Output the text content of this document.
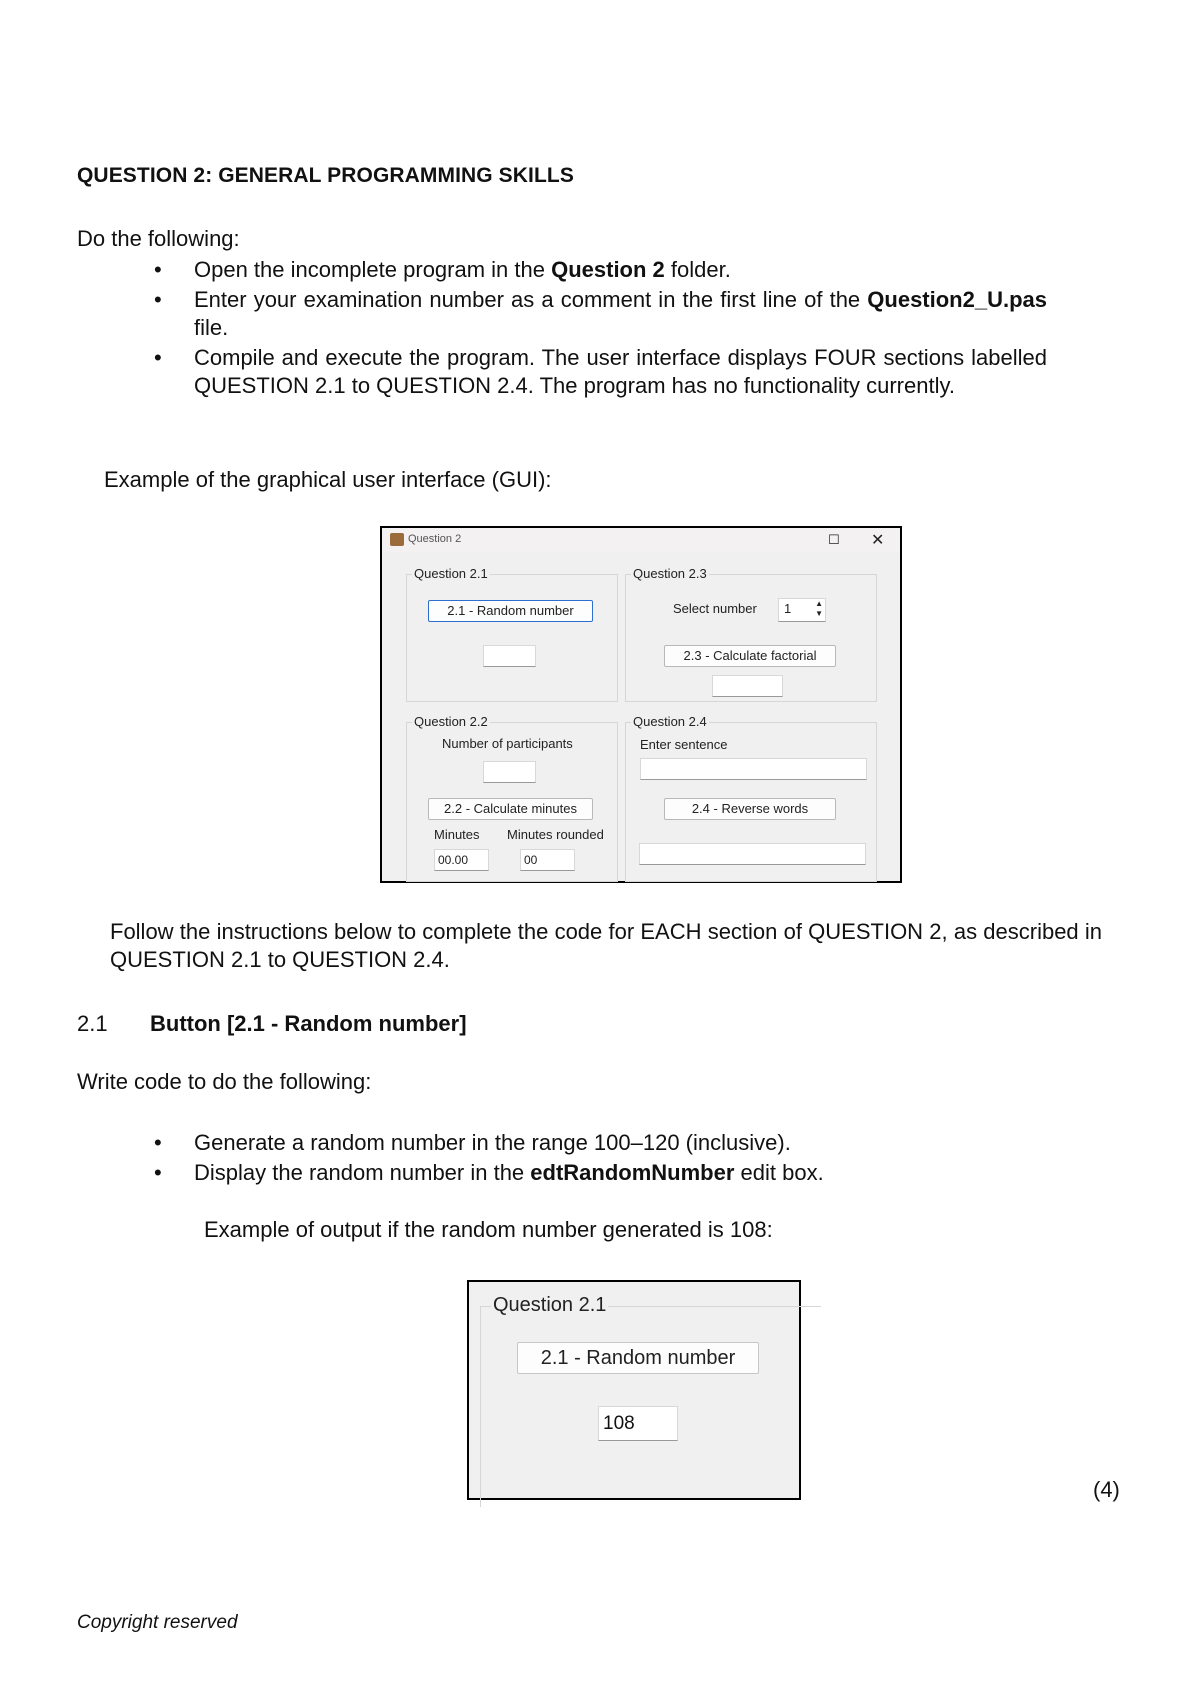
QUESTION 2: GENERAL PROGRAMMING SKILLS
Do the following:
•	Open the incomplete program in the Question 2 folder.
•	Enter your examination number as a comment in the first line of the Question2_U.pas file.
•	Compile and execute the program. The user interface displays FOUR sections labelled QUESTION 2.1 to QUESTION 2.4. The program has no functionality currently.
Example of the graphical user interface (GUI):
Question 2	☐ ✕
Question 2.1
2.1 - Random number
Question 2.3
Select number 1	▲
▼
2.3 - Calculate factorial
Question 2.2
Number of participants
2.2 - Calculate minutes
Minutes Minutes rounded
00.00	00
Question 2.4
Enter sentence
2.4 - Reverse words
Follow the instructions below to complete the code for EACH section of QUESTION 2, as described in QUESTION 2.1 to QUESTION 2.4.
2.1 Button [2.1 - Random number]
Write code to do the following:
•	Generate a random number in the range 100–120 (inclusive).
•	Display the random number in the edtRandomNumber edit box.
Example of output if the random number generated is 108:
Question 2.1
2.1 - Random number
108
(4)
Copyright reserved
